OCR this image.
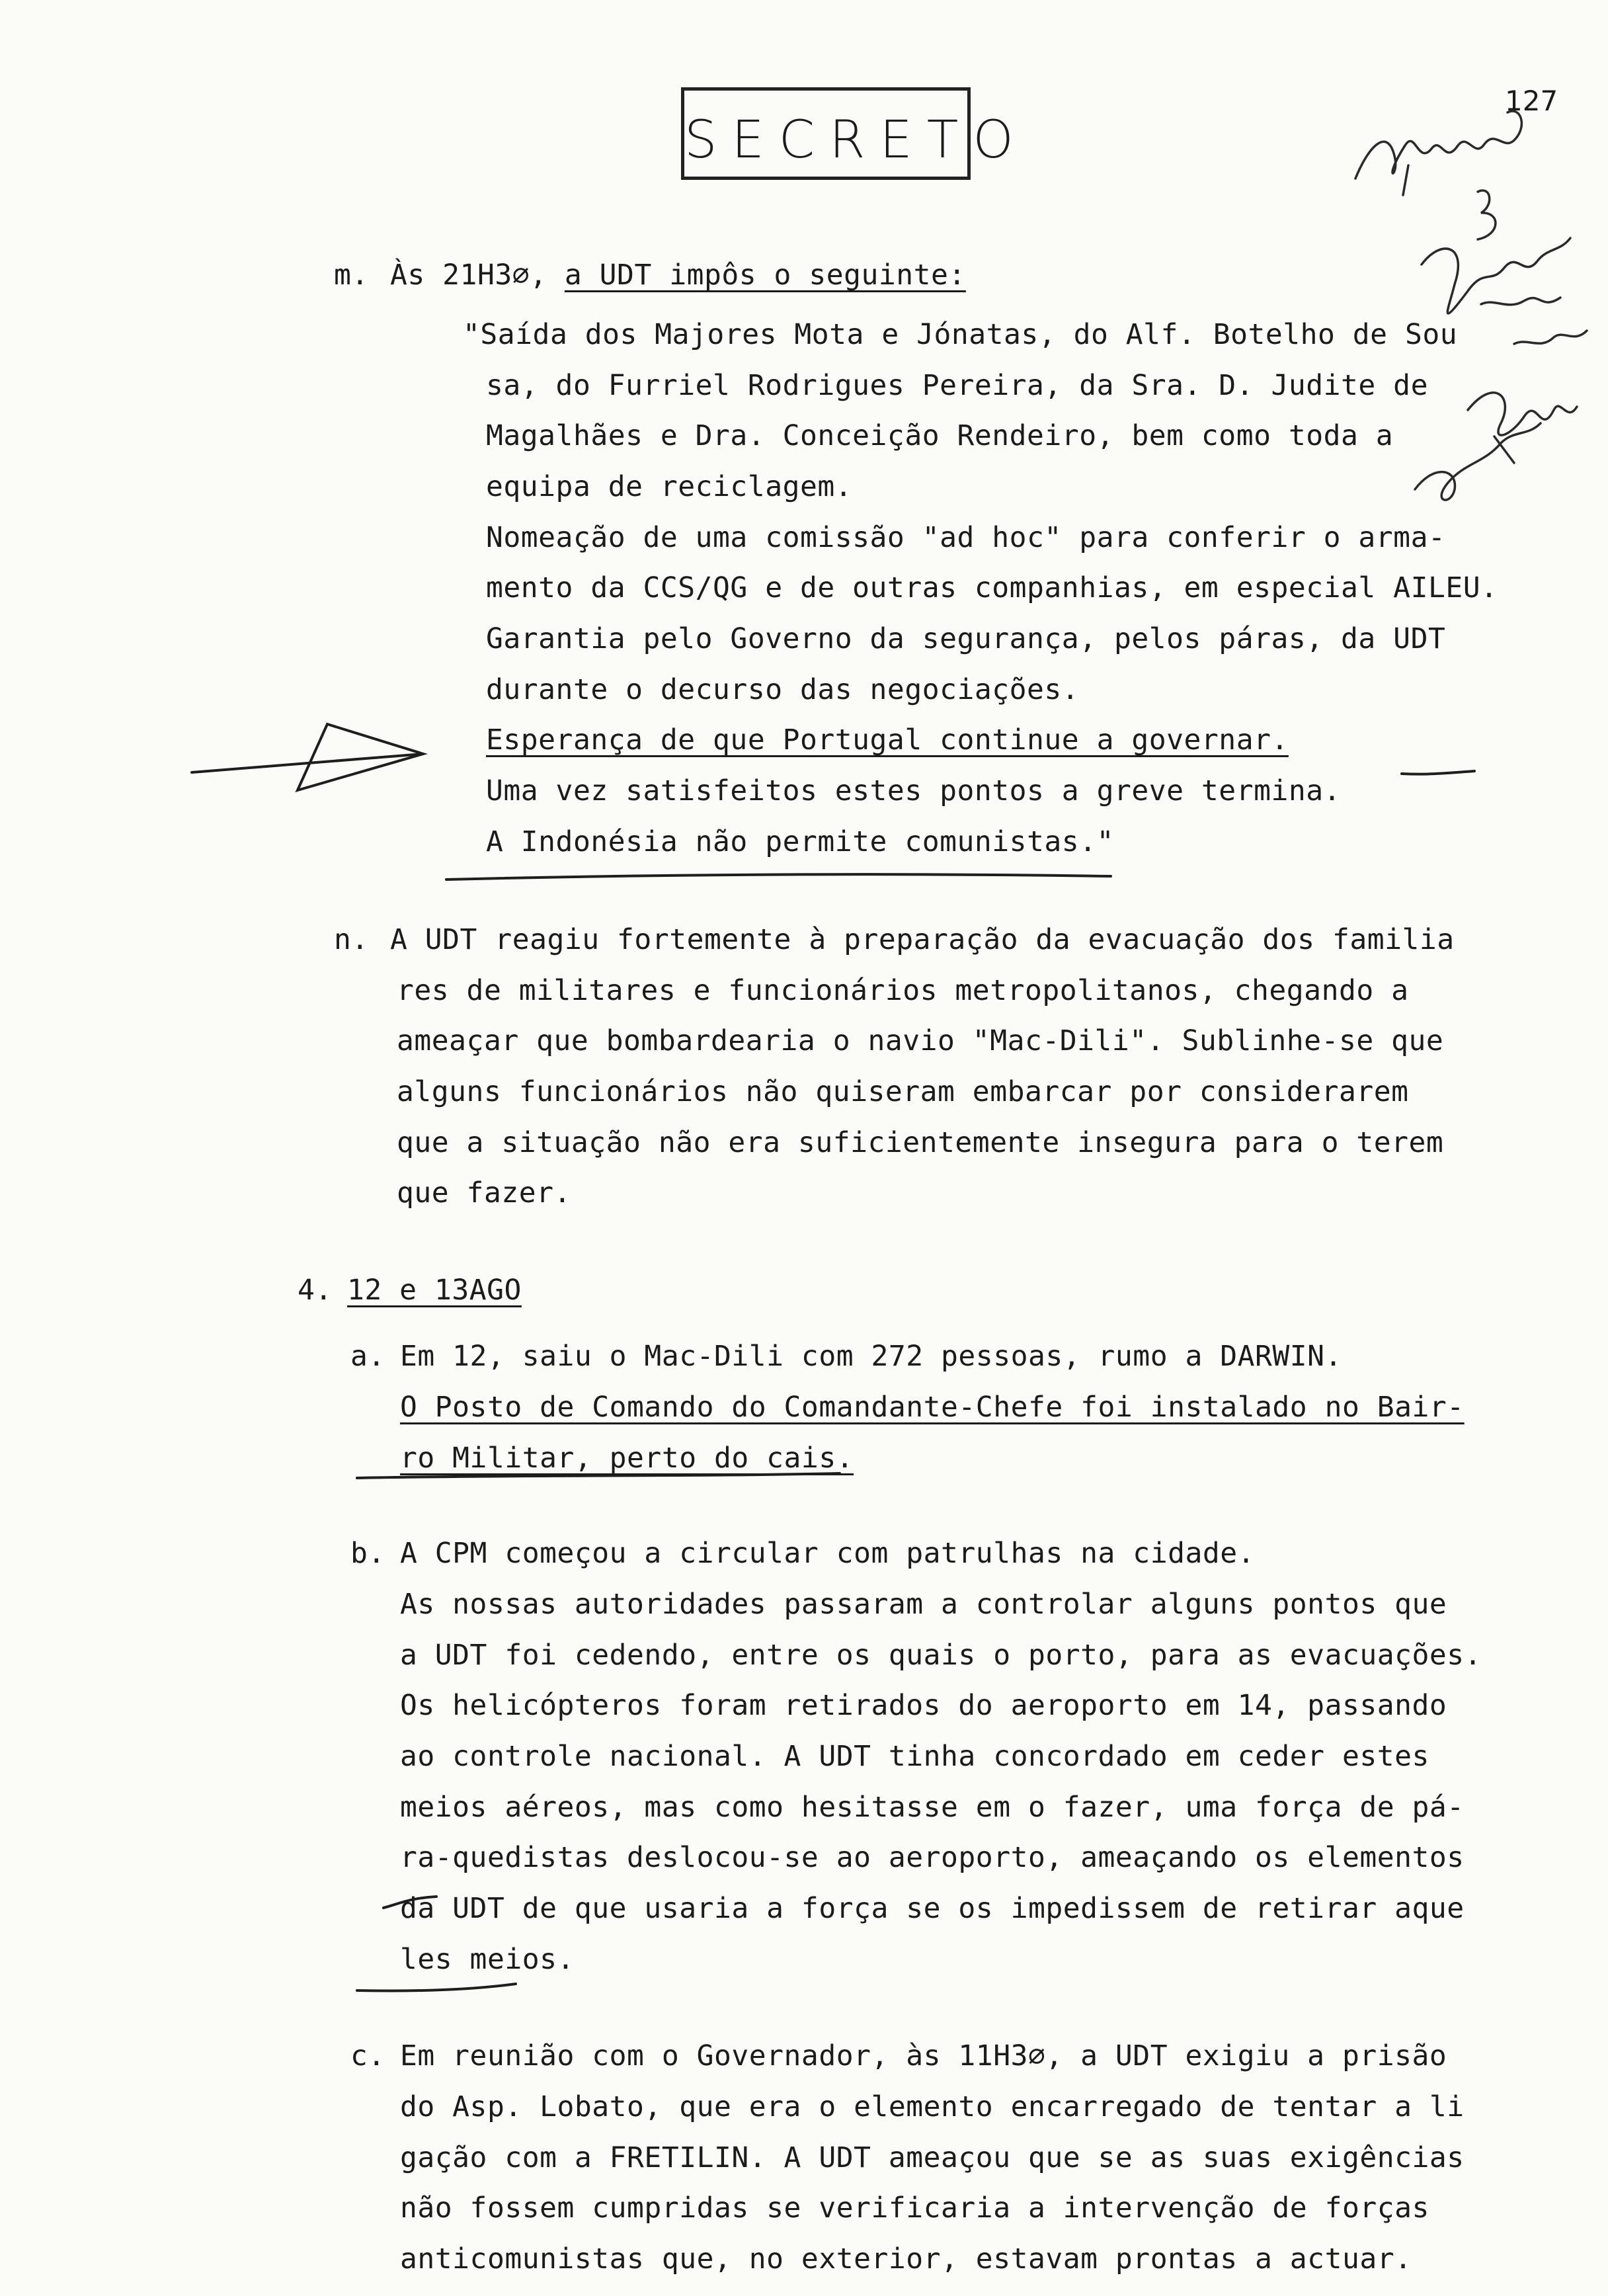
127
SECRETO
m. Às 21H3∅, a UDT impôs o seguinte:
"Saída dos Majores Mota e Jónatas, do Alf. Botelho de Sou
sa, do Furriel Rodrigues Pereira, da Sra. D. Judite de
Magalhães e Dra. Conceição Rendeiro, bem como toda a
equipa de reciclagem.
Nomeação de uma comissão "ad hoc" para conferir o arma-
mento da CCS/QG e de outras companhias, em especial AILEU.
Garantia pelo Governo da segurança, pelos páras, da UDT
durante o decurso das negociações.
Esperança de que Portugal continue a governar.
Uma vez satisfeitos estes pontos a greve termina.
A Indonésia não permite comunistas."
n. A UDT reagiu fortemente à preparação da evacuação dos familia
res de militares e funcionários metropolitanos, chegando a
ameaçar que bombardearia o navio "Mac-Dili". Sublinhe-se que
alguns funcionários não quiseram embarcar por considerarem
que a situação não era suficientemente insegura para o terem
que fazer.
4. 12 e 13AGO
a. Em 12, saiu o Mac-Dili com 272 pessoas, rumo a DARWIN.
O Posto de Comando do Comandante-Chefe foi instalado no Bair-
ro Militar, perto do cais.
b. A CPM começou a circular com patrulhas na cidade.
As nossas autoridades passaram a controlar alguns pontos que
a UDT foi cedendo, entre os quais o porto, para as evacuações.
Os helicópteros foram retirados do aeroporto em 14, passando
ao controle nacional. A UDT tinha concordado em ceder estes
meios aéreos, mas como hesitasse em o fazer, uma força de pá-
ra-quedistas deslocou-se ao aeroporto, ameaçando os elementos
da UDT de que usaria a força se os impedissem de retirar aque
les meios.
c. Em reunião com o Governador, às 11H3∅, a UDT exigiu a prisão
do Asp. Lobato, que era o elemento encarregado de tentar a li
gação com a FRETILIN. A UDT ameaçou que se as suas exigências
não fossem cumpridas se verificaria a intervenção de forças
anticomunistas que, no exterior, estavam prontas a actuar.
